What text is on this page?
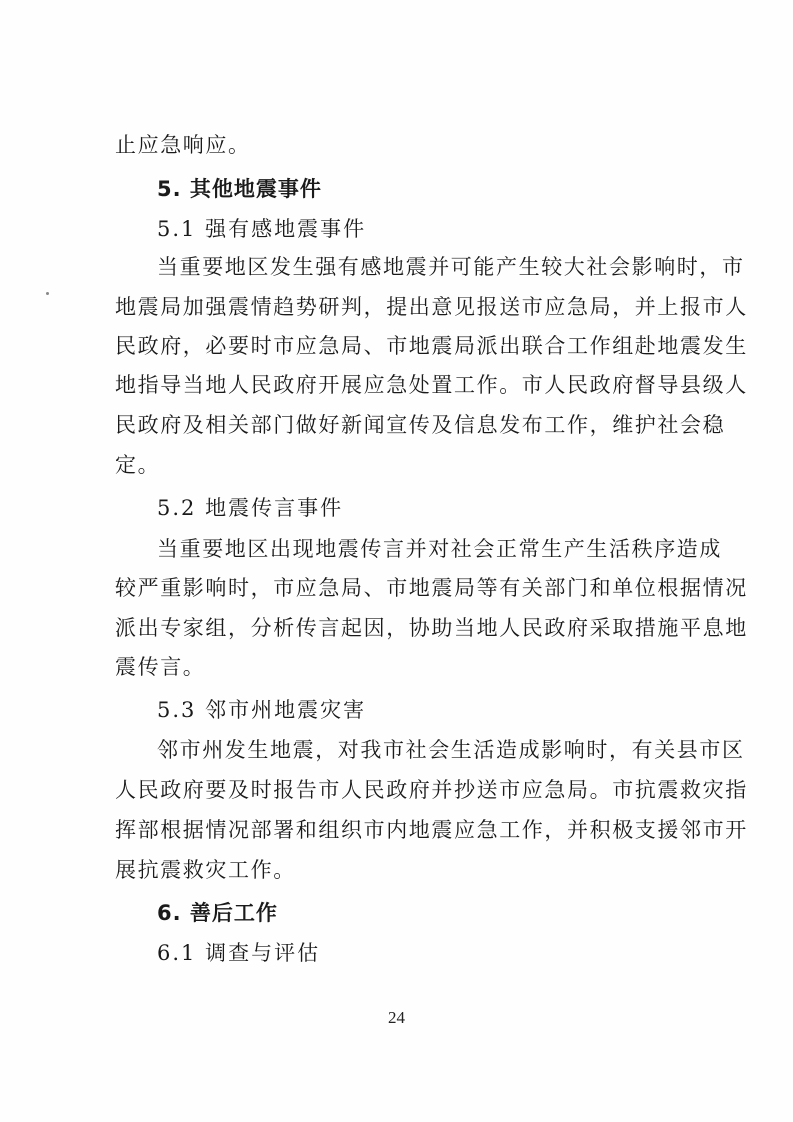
止应急响应。
5. 其他地震事件
5.1 强有感地震事件
当重要地区发生强有感地震并可能产生较大社会影响时，市
地震局加强震情趋势研判，提出意见报送市应急局，并上报市人
民政府，必要时市应急局、市地震局派出联合工作组赴地震发生
地指导当地人民政府开展应急处置工作。市人民政府督导县级人
民政府及相关部门做好新闻宣传及信息发布工作，维护社会稳
定。
5.2 地震传言事件
当重要地区出现地震传言并对社会正常生产生活秩序造成
较严重影响时，市应急局、市地震局等有关部门和单位根据情况
派出专家组，分析传言起因，协助当地人民政府采取措施平息地
震传言。
5.3 邻市州地震灾害
邻市州发生地震，对我市社会生活造成影响时，有关县市区
人民政府要及时报告市人民政府并抄送市应急局。市抗震救灾指
挥部根据情况部署和组织市内地震应急工作，并积极支援邻市开
展抗震救灾工作。
6. 善后工作
6.1 调查与评估
24
